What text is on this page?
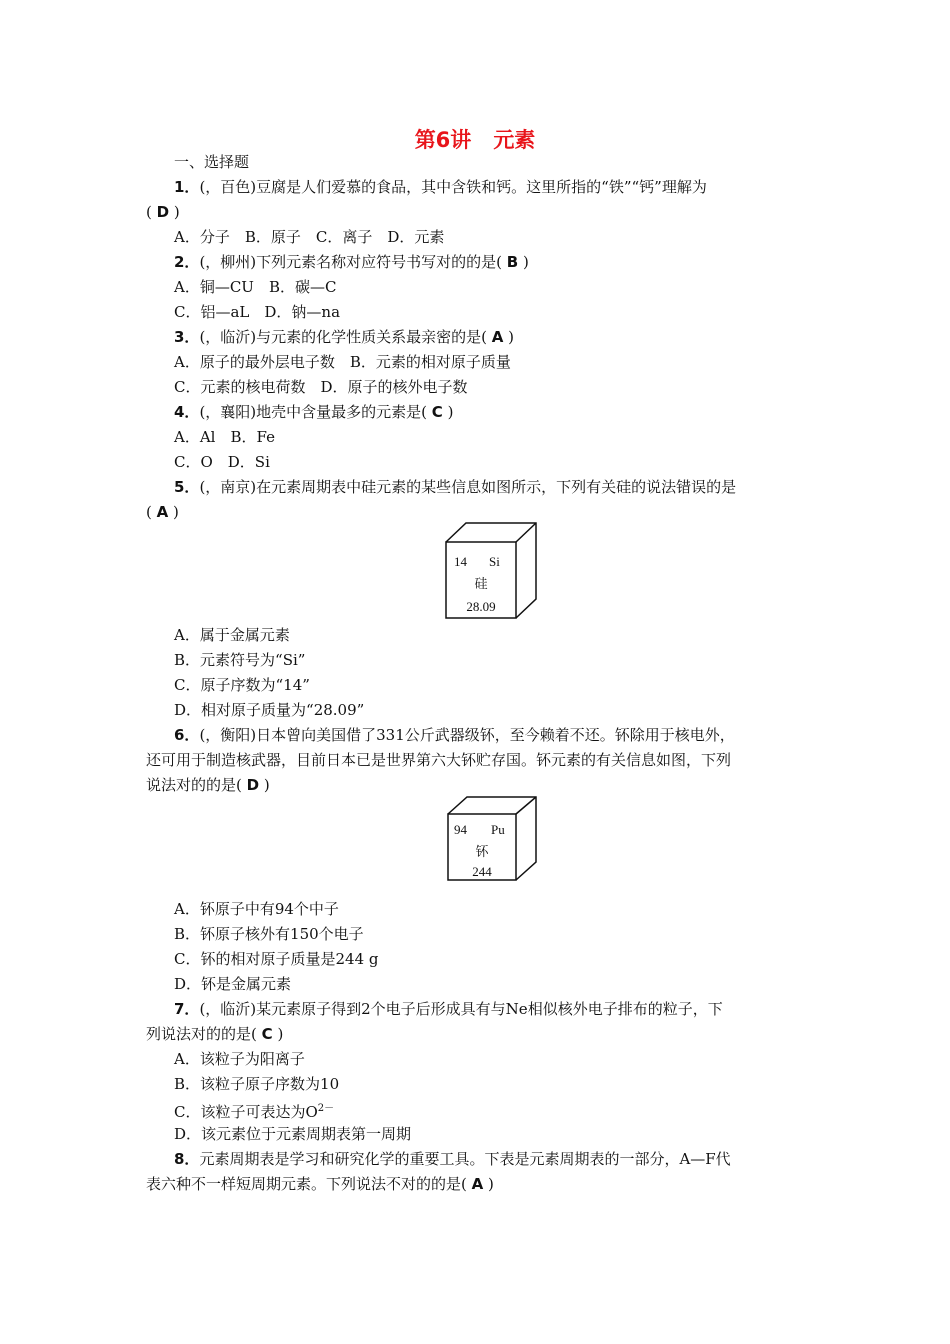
第6讲 元素
一、选择题
1．(，百色)豆腐是人们爱慕的食品，其中含铁和钙。这里所指的“铁”“钙”理解为
( D )
A．分子　B．原子　C．离子　D．元素
2．(，柳州)下列元素名称对应符号书写对的的是( B )
A．铜—CU　B．碳—C
C．铝—aL　D．钠—na
3．(，临沂)与元素的化学性质关系最亲密的是( A )
A．原子的最外层电子数　B．元素的相对原子质量
C．元素的核电荷数　D．原子的核外电子数
4．(，襄阳)地壳中含量最多的元素是( C )
A．Al　B．Fe
C．O　D．Si
5．(，南京)在元素周期表中硅元素的某些信息如图所示，下列有关硅的说法错误的是
( A )
14 Si
硅
28.09
A．属于金属元素
B．元素符号为“Si”
C．原子序数为“14”
D．相对原子质量为“28.09”
6．(，衡阳)日本曾向美国借了331公斤武器级钚，至今赖着不还。钚除用于核电外，
还可用于制造核武器，目前日本已是世界第六大钚贮存国。钚元素的有关信息如图，下列
说法对的的是( D )
94 Pu
钚
244
A．钚原子中有94个中子
B．钚原子核外有150个电子
C．钚的相对原子质量是244 g
D．钚是金属元素
7．(，临沂)某元素原子得到2个电子后形成具有与Ne相似核外电子排布的粒子，下
列说法对的的是( C )
A．该粒子为阳离子
B．该粒子原子序数为10
C．该粒子可表达为$O^{2-}$
D．该元素位于元素周期表第一周期
8．元素周期表是学习和研究化学的重要工具。下表是元素周期表的一部分，A—F代
表六种不一样短周期元素。下列说法不对的的是( A )
